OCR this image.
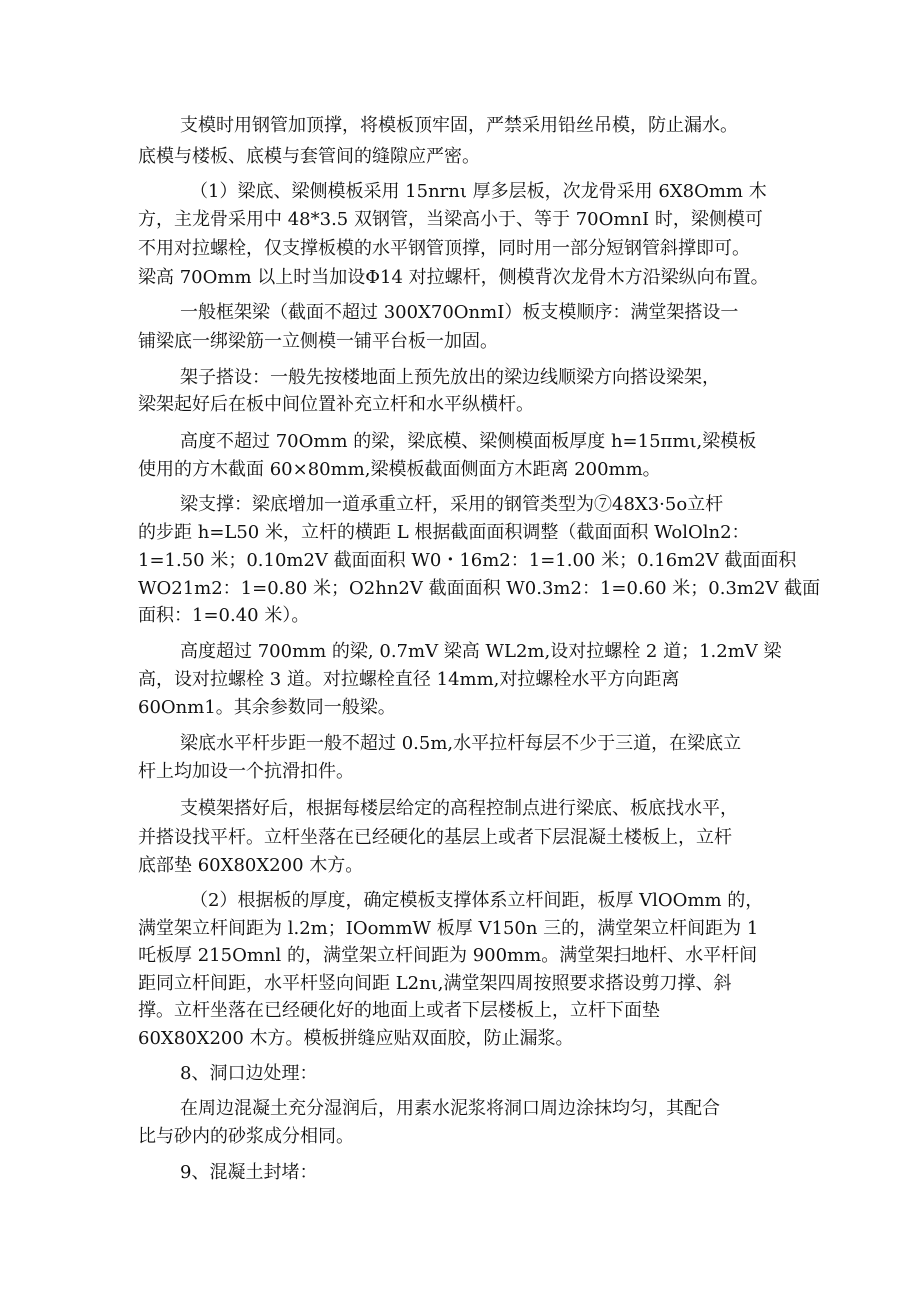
支模时用钢管加顶撑，将模板顶牢固，严禁采用铅丝吊模，防止漏水。

底模与楼板、底模与套管间的缝隙应严密。

（1）梁底、梁侧模板采用 15nrnι 厚多层板，次龙骨采用 6X8Omm 木

方，主龙骨采用中 48*3.5 双钢管，当梁高小于、等于 70OmnI 时，梁侧模可

不用对拉螺栓，仅支撑板模的水平钢管顶撑，同时用一部分短钢管斜撑即可。

梁高 70Omm 以上时当加设Φ14 对拉螺杆，侧模背次龙骨木方沿梁纵向布置。

一般框架梁（截面不超过 300X70OnmI）板支模顺序：满堂架搭设一

铺梁底一绑梁筋一立侧模一铺平台板一加固。

架子搭设：一般先按楼地面上预先放出的梁边线顺梁方向搭设梁架，

梁架起好后在板中间位置补充立杆和水平纵横杆。

高度不超过 70Omm 的梁，梁底模、梁侧模面板厚度 h=15πmι,梁模板

使用的方木截面 60×80mm,梁模板截面侧面方木距离 200mm。

梁支撑：梁底增加一道承重立杆，采用的钢管类型为⑦48X3·5o立杆

的步距 h=L50 米，立杆的横距 L 根据截面面积调整（截面面积 WolOln2：

1=1.50 米；0.10m2V 截面面积 W0・16m2：1=1.00 米；0.16m2V 截面面积

WO21m2：1=0.80 米；O2hn2V 截面面积 W0.3m2：1=0.60 米；0.3m2V 截面

面积：1=0.40 米）。

高度超过 700mm 的梁, 0.7mV 梁高 WL2m,设对拉螺栓 2 道；1.2mV 梁

高，设对拉螺栓 3 道。对拉螺栓直径 14mm,对拉螺栓水平方向距离

60Onm1。其余参数同一般梁。

梁底水平杆步距一般不超过 0.5m,水平拉杆每层不少于三道，在梁底立

杆上均加设一个抗滑扣件。

支模架搭好后，根据每楼层给定的高程控制点进行梁底、板底找水平，

并搭设找平杆。立杆坐落在已经硬化的基层上或者下层混凝土楼板上，立杆

底部垫 60X80X200 木方。

（2）根据板的厚度，确定模板支撑体系立杆间距，板厚 VlOOmm 的，

满堂架立杆间距为 l.2m；IOommW 板厚 V150n 三的，满堂架立杆间距为 1

吒板厚 215Omnl 的，满堂架立杆间距为 900mm。满堂架扫地杆、水平杆间

距同立杆间距，水平杆竖向间距 L2nι,满堂架四周按照要求搭设剪刀撑、斜

撑。立杆坐落在已经硬化好的地面上或者下层楼板上，立杆下面垫

60X80X200 木方。模板拼缝应贴双面胶，防止漏浆。

8、洞口边处理：

在周边混凝土充分湿润后，用素水泥浆将洞口周边涂抹均匀，其配合

比与砂内的砂浆成分相同。

9、混凝土封堵：
